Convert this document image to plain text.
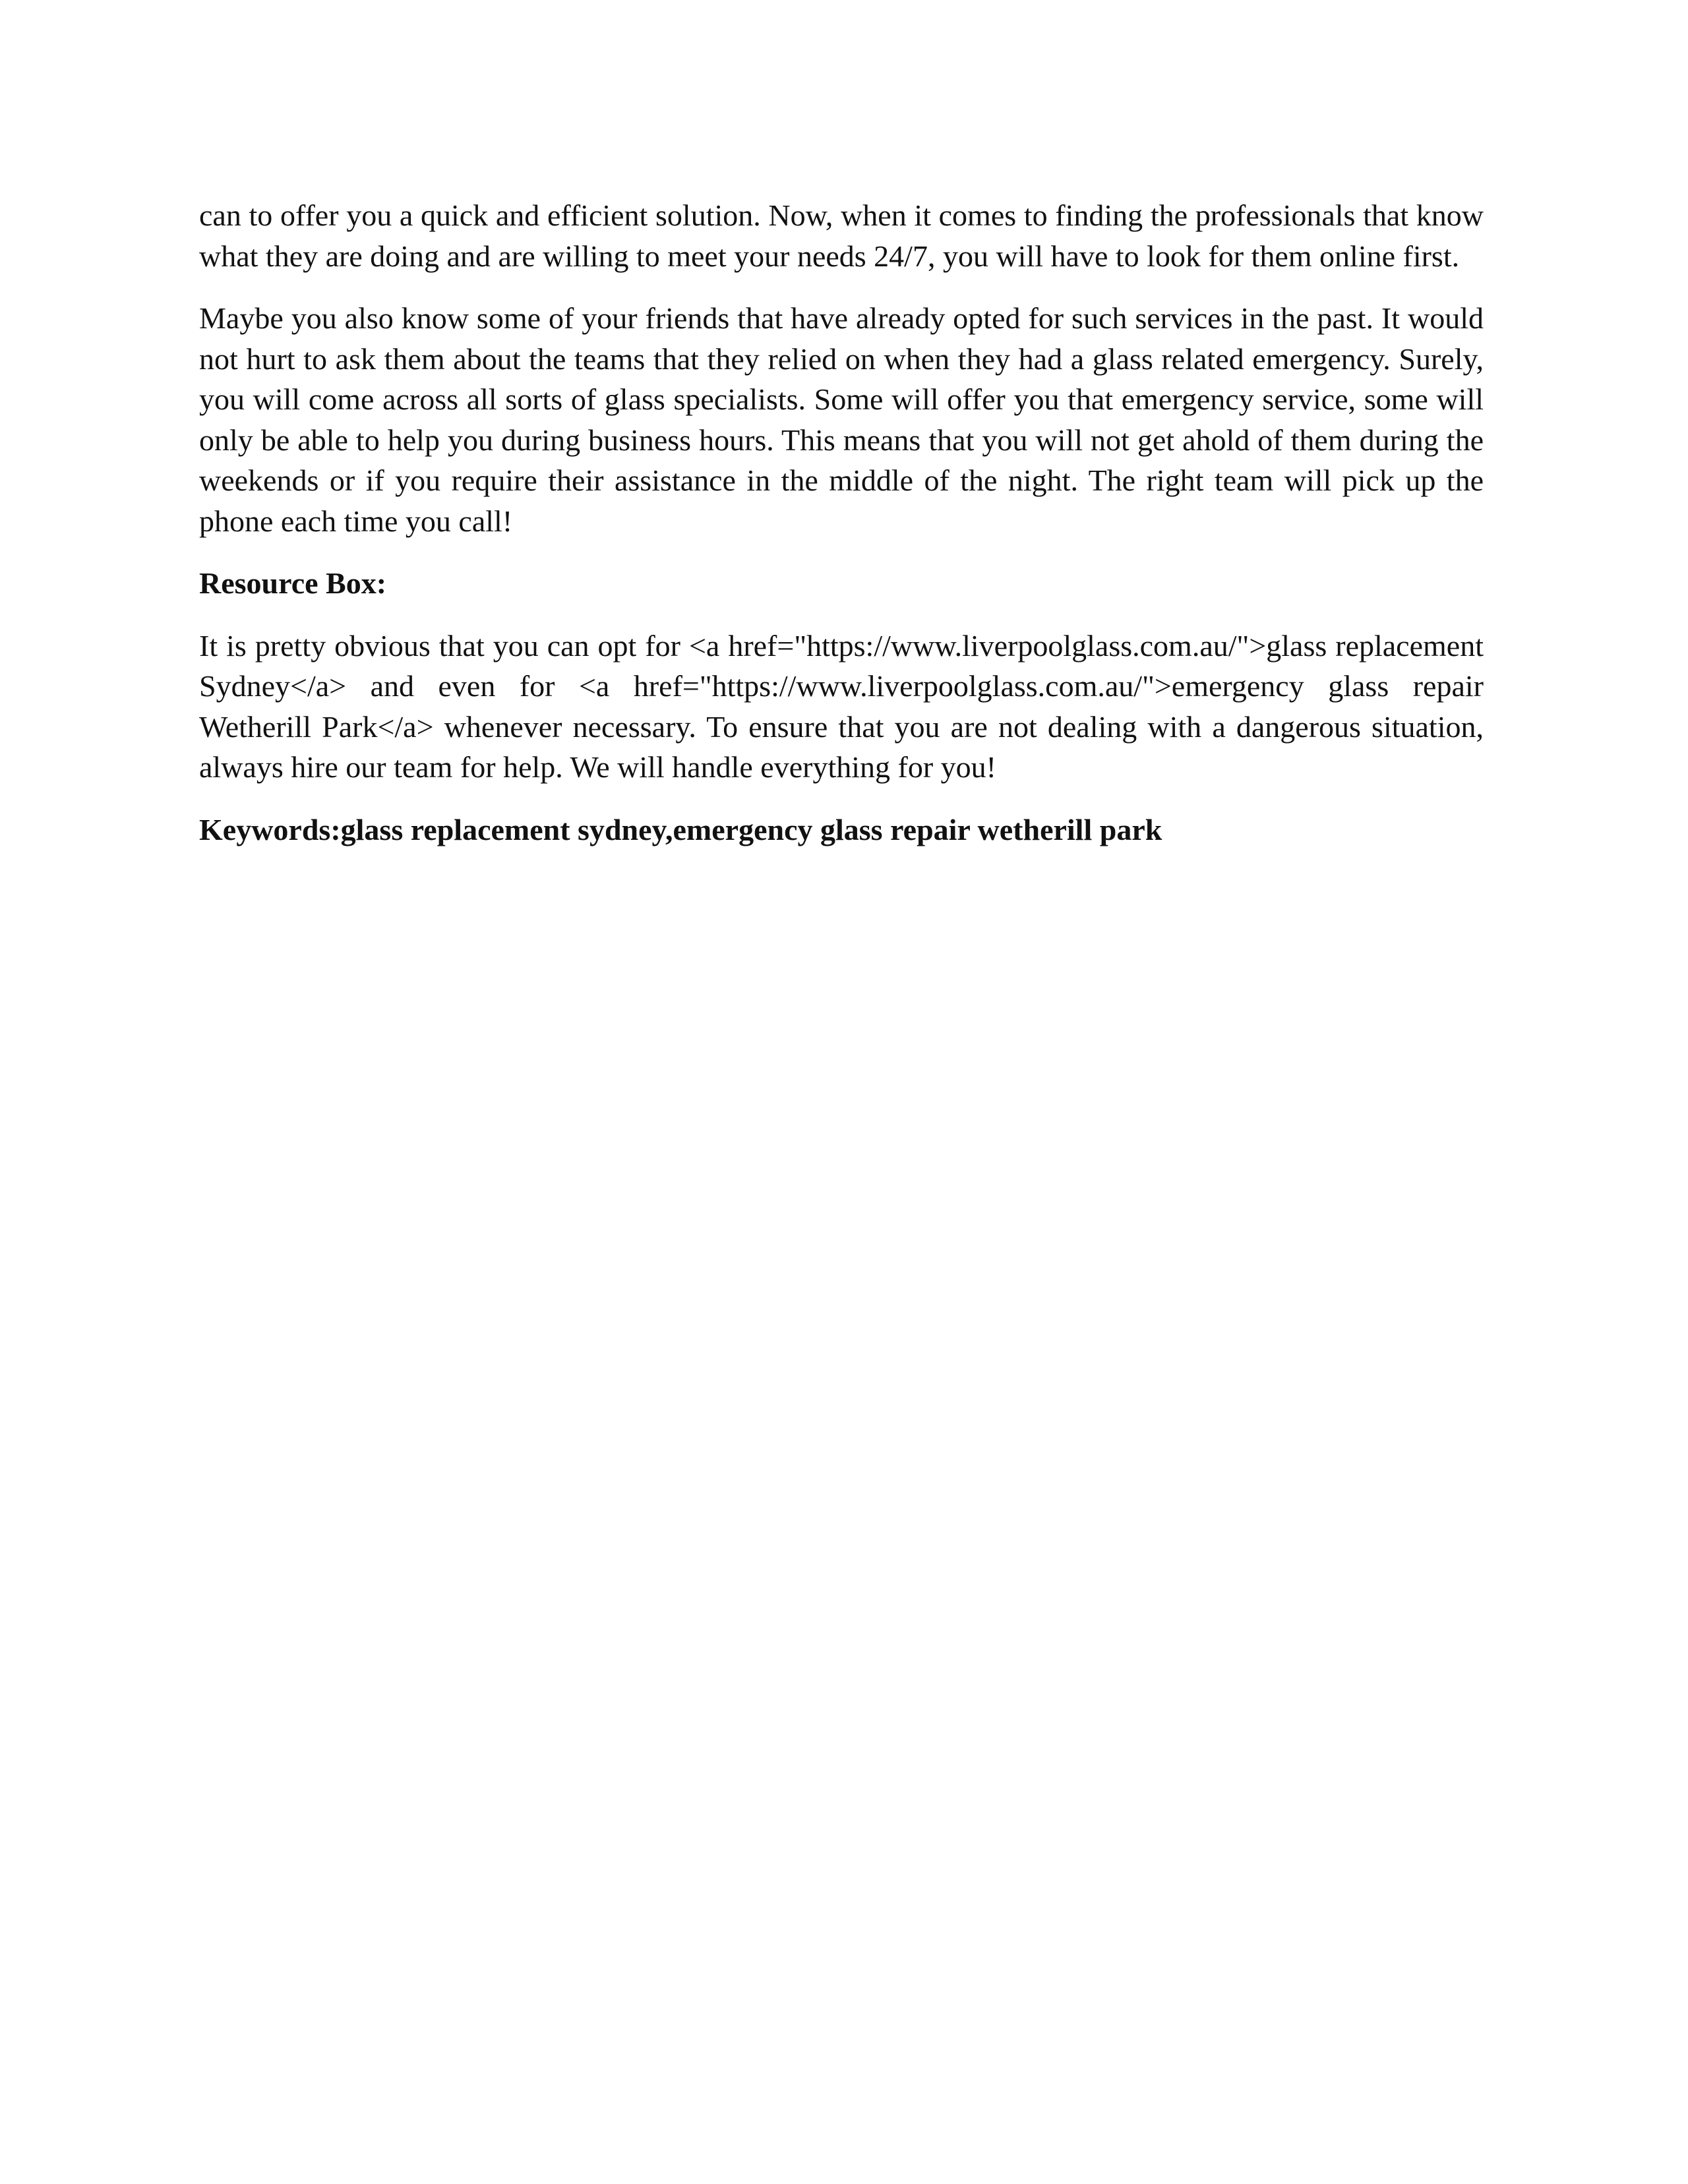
can to offer you a quick and efficient solution. Now, when it comes to finding the professionals that know what they are doing and are willing to meet your needs 24/7, you will have to look for them online first.

Maybe you also know some of your friends that have already opted for such services in the past. It would not hurt to ask them about the teams that they relied on when they had a glass related emergency. Surely, you will come across all sorts of glass specialists. Some will offer you that emergency service, some will only be able to help you during business hours. This means that you will not get ahold of them during the weekends or if you require their assistance in the middle of the night. The right team will pick up the phone each time you call!

Resource Box:

It is pretty obvious that you can opt for <a href="https://www.liverpoolglass.com.au/">glass replacement Sydney</a> and even for <a href="https://www.liverpoolglass.com.au/">emergency glass repair Wetherill Park</a> whenever necessary. To ensure that you are not dealing with a dangerous situation, always hire our team for help. We will handle everything for you!

Keywords:glass replacement sydney,emergency glass repair wetherill park
